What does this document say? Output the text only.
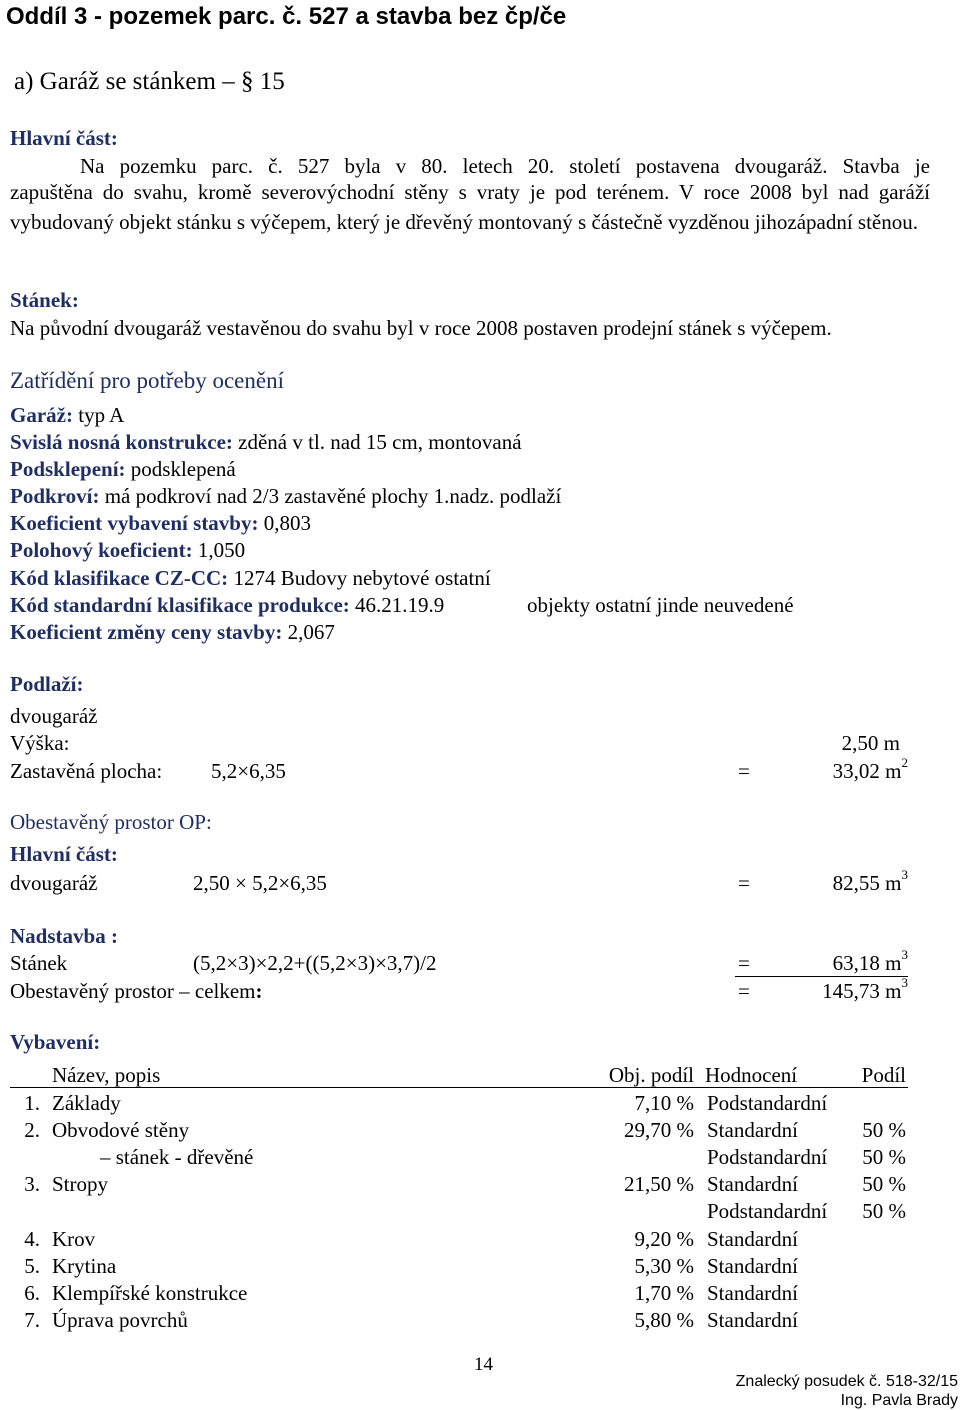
Oddíl 3 - pozemek parc. č. 527 a stavba bez čp/če
a) Garáž se stánkem – § 15
Hlavní část:
Na pozemku parc. č. 527 byla v 80. letech 20. století postavena dvougaráž. Stavba je
zapuštěna do svahu, kromě severovýchodní stěny s vraty je pod terénem. V roce 2008 byl nad garáží vybudovaný objekt stánku s výčepem, který je dřevěný montovaný s částečně vyzděnou jihozápadní stěnou.
Stánek:
Na původní dvougaráž vestavěnou do svahu byl v roce 2008 postaven prodejní stánek s výčepem.
Zatřídění pro potřeby ocenění
Garáž: typ A
Svislá nosná konstrukce: zděná v tl. nad 15 cm, montovaná
Podsklepení: podsklepená
Podkroví: má podkroví nad 2/3 zastavěné plochy 1.nadz. podlaží
Koeficient vybavení stavby: 0,803
Polohový koeficient: 1,050
Kód klasifikace CZ-CC: 1274 Budovy nebytové ostatní
Kód standardní klasifikace produkce: 46.21.19.9	objekty ostatní jinde neuvedené
Koeficient změny ceny stavby: 2,067
Podlaží:
dvougaráž
Výška:	2,50 m
Zastavěná plocha: 5,2×6,35	=	33,02 $m^2$
Obestavěný prostor OP:
Hlavní část:
dvougaráž	2,50 × 5,2×6,35	=	82,55 $m^3$
Nadstavba :
Stánek	(5,2×3)×2,2+((5,2×3)×3,7)/2	=	63,18 $m^3$
Obestavěný prostor – celkem:	=	145,73 $m^3$
Vybavení:
Název, popis	Obj. podíl Hodnocení	Podíl
1. Základy	7,10 % Podstandardní
2. Obvodové stěny	29,70 % Standardní	50 %
– stánek - dřevěné	Podstandardní	50 %
3. Stropy	21,50 % Standardní	50 %
Podstandardní	50 %
4. Krov	9,20 % Standardní
5. Krytina	5,30 % Standardní
6. Klempířské konstrukce	1,70 % Standardní
7. Úprava povrchů	5,80 % Standardní
14
Znalecký posudek č. 518-32/15
Ing. Pavla Brady
